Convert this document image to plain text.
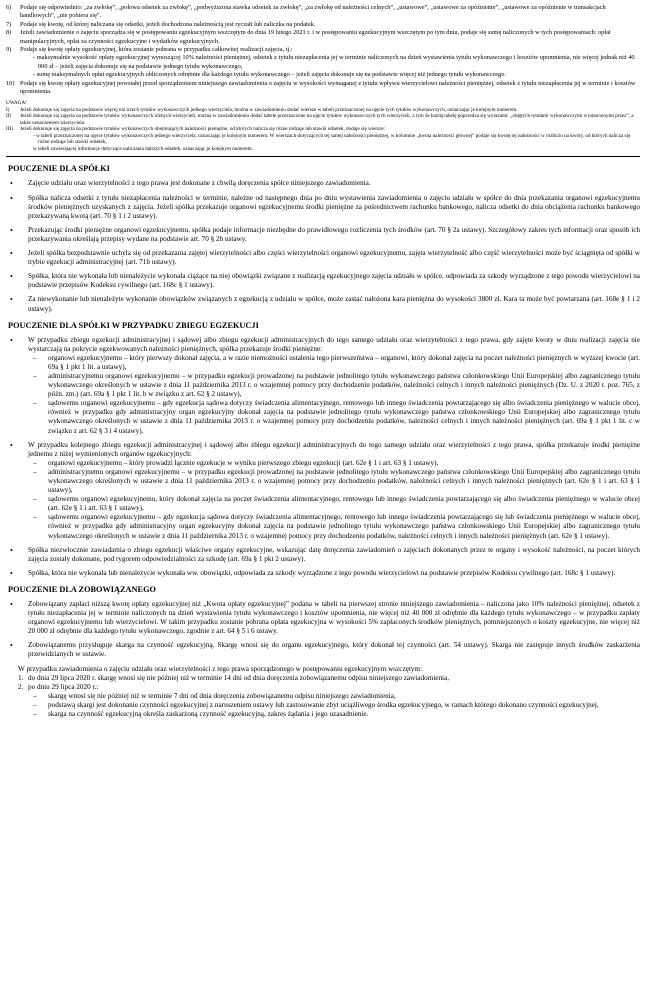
6)	Podaje się odpowiednio: „za zwłokę”, „połowa odsetek za zwłokę”, „podwyższona stawka odsetek za zwłokę”, „za zwłokę od należności celnych”, „ustawowe”, „ustawowe za opóźnienie”, „ustawowe za opóźnienie w transakcjach handlowych”, „nie pobiera się”.
7)	Podaje się kwotę, od której naliczana się odsetki, jeżeli dochodzona należnością jest ryczałt lub zaliczka na podatek.
8)	Jeżeli zawiadomienie o zajęciu sporządza się w postępowaniu egzekucyjnym wszczętym do dnia 19 lutego 2021 r. i w postępowaniu egzekucyjnym wszczętym po tym dniu, podaje się sumę naliczonych w tych postępowaniach: opłat manipulacyjnych, opłat za czynności egzekucyjne i wydatków egzekucyjnych.
9)	Podaje się kwotę opłaty egzekucyjnej, która zostanie pobrana w przypadku całkowitej realizacji zajęcia, tj.:
- maksymalnie wysokość opłaty egzekucyjnej wynoszącej 10% należności pieniężnej, odsetek z tytułu niezapłacenia jej w terminie naliczonych na dzień wystawienia tytułu wykonawczego i kosztów upomnienia, nie więcej jednak niż 40 000 zł – jeżeli zajęcia dokonuje się na podstawie jednego tytułu wykonawczego,
- sumę maksymalnych opłat egzekucyjnych obliczonych odrębnie dla każdego tytułu wykonawczego – jeżeli zajęcia dokonuje się na podstawie więcej niż jednego tytułu wykonawczego.
10) Podaje się kwotę opłaty egzekucyjnej powstałej przed sporządzeniem niniejszego zawiadomienia o zajęciu w wysokości wymaganej z tytułu wpływu wierzycielowi należności pieniężnej, odsetek z tytułu niezapłacenia jej w terminie i kosztów upomnienia.
UWAGA!
I)	Jeżeli dokonuje się zajęcia na podstawie więcej niż trzech tytułów wykonawczych jednego wierzyciela, można w zawiadomieniu dodać wiersze w tabeli przeznaczonej na ujęcie tych tytułów wykonawczych, oznaczając je kolejnym numerem.
II)	Jeżeli dokonuje się zajęcia na podstawie tytułów wykonawczych różnych wierzycieli, można w zawiadomieniu dodać tabele przeznaczone na ujęcie tytułów wykonawczych tych wierzycieli, z tym że każdą tabelę poprzedza się wyrazami: „objętych tytułami wykonawczymi wystawionymi przez”, a także oznaczeniem wierzyciela.
III)	Jeżeli dokonuje się zajęcia na podstawie tytułów wykonawczych obejmujących należności pieniężne, od których nalicza się różne rodzaje lub stawki odsetek, dodaje się wiersze:
- w tabeli przeznaczonej na ujęcie tytułów wykonawczych jednego wierzyciela, oznaczając je kolejnym numerem. W wierszach dotyczących tej samej należności pieniężnej, w kolumnie „kwota należności głównej” podaje się kwotę tej należności w rozbiciu na kwoty, od których nalicza się różne rodzaje lub stawki odsetek,
w tabeli zawierającej informacje dotyczące naliczania dalszych odsetek, oznaczając je kolejnym numerem.
POUCZENIE DLA SPÓŁKI
• Zajęcie udziału oraz wierzytelności z tego prawa jest dokonane z chwilą doręczenia spółce niniejszego zawiadomienia.
• Spółka nalicza odsetki z tytułu niezapłacenia należności w terminie, należne od następnego dnia po dniu wystawienia zawiadomienia o zajęciu udziału w spółce do dnia przekazania organowi egzekucyjnemu środków pieniężnych uzyskanych z zajęcia. Jeżeli spółka przekazuje organowi egzekucyjnemu środki pieniężne za pośrednictwem rachunku bankowego, nalicza odsetki do dnia obciążenia rachunku bankowego przekazywaną kwotą (art. 70 § 1 i 2 ustawy).
• Przekazując środki pieniężne organowi egzekucyjnemu, spółka podaje informacje niezbędne do prawidłowego rozliczenia tych środków (art. 70 § 2a ustawy). Szczegółowy zakres tych informacji oraz sposób ich przekazywania określają przepisy wydane na podstawie art. 70 § 2b ustawy.
• Jeżeli spółka bezpodstawnie uchyla się od przekazania zajętej wierzytelności albo części wierzytelności organowi egzekucyjnemu, zajęta wierzytelność albo część wierzytelności może być ściągnięta od spółki w trybie egzekucji administracyjnej (art. 71b ustawy).
• Spółka, która nie wykonała lub nienależycie wykonała ciążące na niej obowiązki związane z realizacją egzekucyjnego zajęcia udziału w spółce, odpowiada za szkody wyrządzone z tego powodu wierzycielowi na podstawie przepisów Kodeksu cywilnego (art. 168c § 1 ustawy).
• Za niewykonanie lub nienależyte wykonanie obowiązków związanych z egzekucją z udziału w spółce, może zastać nałożona kara pieniężna do wysokości 3800 zł. Kara ta może być powtarzana (art. 168e § 1 i 2 ustawy).
POUCZENIE DLA SPÓŁKI W PRZYPADKU ZBIEGU EGZEKUCJI
• W przypadku zbiegu egzekucji administracyjnej i sądowej albo zbiegu egzekucji administracyjnych do tego samego udziału oraz wierzytelności z tego prawa, gdy zajęte kwoty w dniu realizacji zajęcia nie wystarczają na pokrycie egzekwowanych należności pieniężnych, spółka przekazuje środki pieniężne:
– organowi egzekucyjnemu – który pierwszy dokonał zajęcia, a w razie niemożności ustalenia tego pierwszeństwa – organowi, który dokonał zajęcia na poczet należności pieniężnych w wyższej kwocie (art. 69a § 1 pkt 1 lit. a ustawy),
– administracyjnemu organowi egzekucyjnemu – w przypadku egzekucji prowadzonej na podstawie jednolitego tytułu wykonawczego państwa członkowskiego Unii Europejskiej albo zagranicznego tytułu wykonawczego określonych w ustawie z dnia 11 października 2013 r. o wzajemnej pomocy przy dochodzeniu podatków, należności celnych i innych należności pieniężnych (Dz. U. z 2020 r. poz. 765, z późn. zm.) (art. 69a § 1 pkt 1 lit. b w związku z art. 62 § 2 ustawy),
– sądowemu organowi egzekucyjnemu – gdy egzekucja sądowa dotyczy świadczenia alimentacyjnego, rentowego lub innego świadczenia powtarzającego się albo świadczenia pieniężnego w walucie obcej, również w przypadku gdy administracyjny organ egzekucyjny dokonał zajęcia na podstawie jednolitego tytułu wykonawczego państwa członkowskiego Unii Europejskiej albo zagranicznego tytułu wykonawczego określonych w ustawie z dnia 11 października 2013 r. o wzajemnej pomocy przy dochodzeniu podatków, należności celnych i innych należności pieniężnych (art. 69a § 1 pkt 1 lit. c w związku z art. 62 § 3 i 4 ustawy).
• W przypadku kolejnego zbiegu egzekucji administracyjnej i sądowej albo zbiegu egzekucji administracyjnych do tego samego udziału oraz wierzytelności z tego prawa, spółka przekazuje środki pieniężne jednemu z niżej wymienionych organów egzekucyjnych:
– organowi egzekucyjnemu – który prowadzi łącznie egzekucje w wyniku pierwszego zbiegu egzekucji (art. 62e § 1 i art. 63 § 1 ustawy),
– administracyjnemu organowi egzekucyjnemu – w przypadku egzekucji prowadzonej na podstawie jednolitego tytułu wykonawczego państwa członkowskiego Unii Europejskiej albo zagranicznego tytułu wykonawczego określonych w ustawie z dnia 11 października 2013 r. o wzajemnej pomocy przy dochodzeniu podatków, należności celnych i innych należności pieniężnych (art. 62e § 1 i art. 63 § 1 ustawy),
– sądowemu organowi egzekucyjnemu, który dokonał zajęcia na poczet świadczenia alimentacyjnego, rentowego lub innego świadczenia powtarzającego się albo świadczenia pieniężnego w walucie obcej (art. 62e § 1 i art. 63 § 1 ustawy),
– sądowemu organowi egzekucyjnemu – gdy egzekucja sądowa dotyczy świadczenia alimentacyjnego, rentowego lub innego świadczenia powtarzającego się lub świadczenia pieniężnego w walucie obcej, również w przypadku gdy administracyjny organ egzekucyjny dokonał zajęcia na podstawie jednolitego tytułu wykonawczego państwa członkowskiego Unii Europejskiej albo zagranicznego tytułu wykonawczego określonych w ustawie z dnia 11 października 2013 r. o wzajemnej pomocy przy dochodzeniu podatków, należności celnych i innych należności pieniężnych (art. 62e § 1 ustawy).
• Spółka niezwłocznie zawiadamia o zbiegu egzekucji właściwe organy egzekucyjne, wskazując datę doręczenia zawiadomień o zajęciach dokonanych przez te organy i wysokość należności, na poczet których zajęcia zostały dokonane, pod rygorem odpowiedzialności za szkodę (art. 69a § 1 pkt 2 ustawy).
• Spółka, która nie wykonała lub nienależycie wykonała ww. obowiązki, odpowiada za szkody wyrządzone z tego powodu wierzycielowi na podstawie przepisów Kodeksu cywilnego (art. 168c § 1 ustawy).
POUCZENIE DLA ZOBOWIĄZANEGO
• Zobowiązany zapłaci niższą kwotę opłaty egzekucyjnej niż „Kwota opłaty egzekucyjnej” podana w tabeli na pierwszej stronie niniejszego zawiadomienia – naliczona jako 10% należności pieniężnej, odsetek z tytułu niezapłacenia jej w terminie naliczonych na dzień wystawienia tytułu wykonawczego i kosztów upomnienia, nie więcej niż 40 000 zł odrębnie dla każdego tytułu wykonawczego – w przypadku zapłaty organowi egzekucyjnemu lub wierzycielowi. W takim przypadku zostanie pobrana opłata egzekucyjna w wysokości 5% zapłaconych środków pieniężnych, pomniejszonych o koszty egzekucyjne, nie więcej niż 20 000 zł odrębnie dla każdego tytułu wykonawczego, zgodnie z art. 64 § 5 i 6 ustawy.
• Zobowiązanemu przysługuje skarga na czynność egzekucyjną. Skargę wnosi się do organu egzekucyjnego, który dokonał tej czynności (art. 54 ustawy). Skarga nie zastępuje innych środków zaskarżenia przewidzianych w ustawie.
W przypadku zawiadomienia o zajęciu udziału oraz wierzytelności z tego prawa sporządzonego w postępowaniu egzekucyjnym wszczętym:
1. do dnia 29 lipca 2020 r. skargę wnosi się nie później niż w terminie 14 dni od dnia doręczenia zobowiązanemu odpisu niniejszego zawiadomienia,
2. po dniu 29 lipca 2020 r.:
– skargę wnosi się nie później niż w terminie 7 dni od dnia doręczenia zobowiązanemu odpisu niniejszego zawiadomienia,
– podstawą skargi jest dokonanie czynności egzekucyjnej z naruszeniem ustawy lub zastosowanie zbyt uciążliwego środka egzekucyjnego, w ramach którego dokonano czynności egzekucyjnej,
– skarga na czynność egzekucyjną określa zaskarżoną czynność egzekucyjną, zakres żądania i jego uzasadnienie.
